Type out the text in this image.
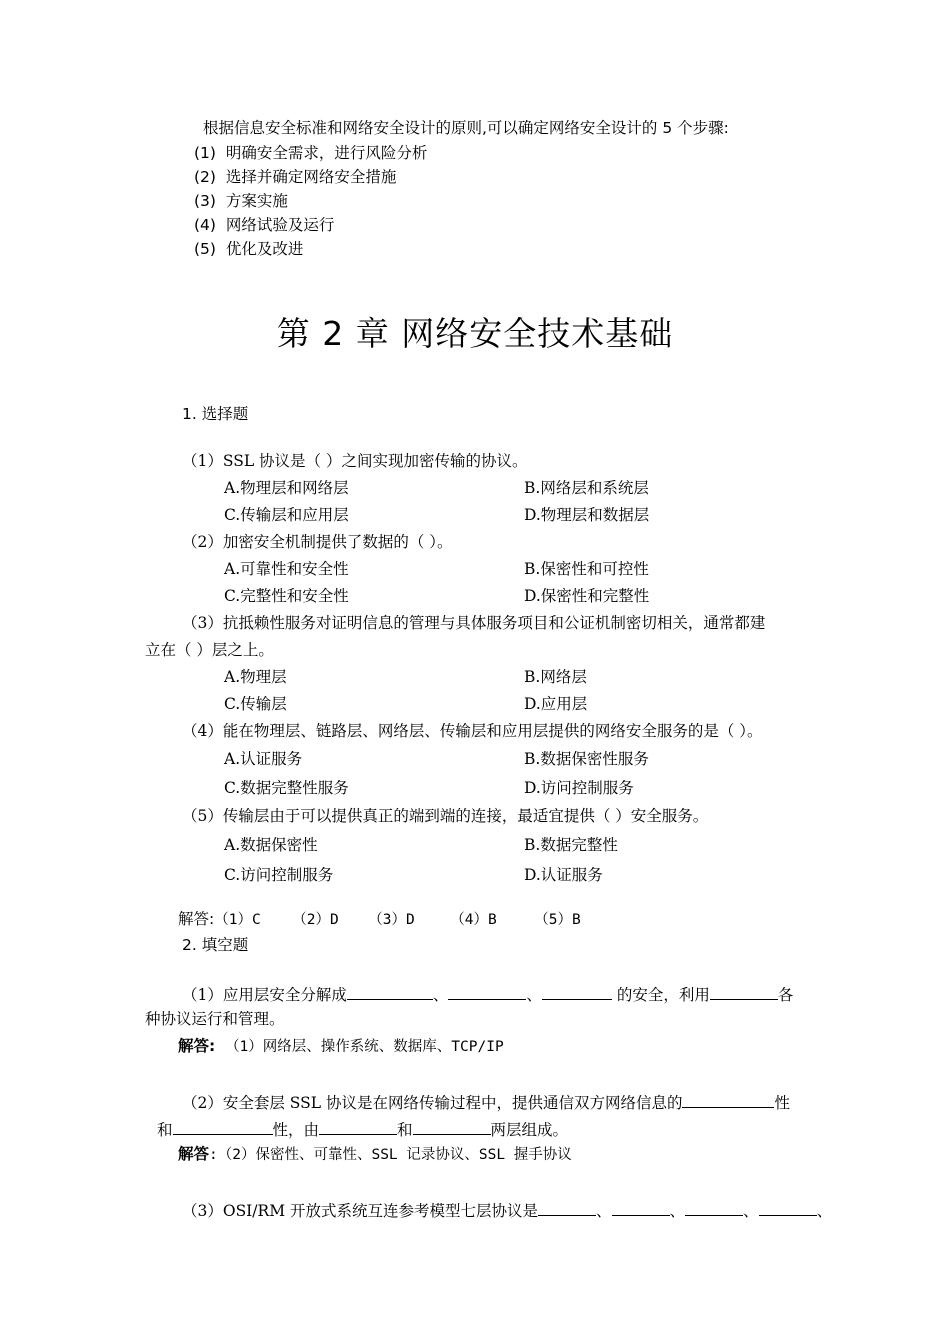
根据信息安全标准和网络安全设计的原则,可以确定网络安全设计的 5 个步骤:
(1) 明确安全需求，进行风险分析
(2) 选择并确定网络安全措施
(3) 方案实施
(4) 网络试验及运行
(5) 优化及改进
第 2 章 网络安全技术基础
1. 选择题
（1）SSL 协议是（ ）之间实现加密传输的协议。
A.物理层和网络层	B.网络层和系统层
C.传输层和应用层	D.物理层和数据层
（2）加密安全机制提供了数据的（ ）。
A.可靠性和安全性	B.保密性和可控性
C.完整性和安全性	D.保密性和完整性
（3）抗抵赖性服务对证明信息的管理与具体服务项目和公证机制密切相关，通常都建
立在（ ）层之上。
A.物理层	B.网络层
C.传输层	D.应用层
（4）能在物理层、链路层、网络层、传输层和应用层提供的网络安全服务的是（ ）。
A.认证服务	B.数据保密性服务
C.数据完整性服务	D.访问控制服务
（5）传输层由于可以提供真正的端到端的连接，最适宜提供（ ）安全服务。
A.数据保密性	B.数据完整性
C.访问控制服务	D.认证服务
解答:（1）C （2）D （3）D （4）B	（5）B
2. 填空题
（1）应用层安全分解成	、	、	的安全，利用	各
种协议运行和管理。
解答: （1）网络层、操作系统、数据库、TCP/IP
（2）安全套层 SSL 协议是在网络传输过程中，提供通信双方网络信息的	性
和	性，由	和	两层组成。
解答:（2）保密性、可靠性、SSL 记录协议、SSL 握手协议
（3）OSI/RM 开放式系统互连参考模型七层协议是	、	、	、	、
